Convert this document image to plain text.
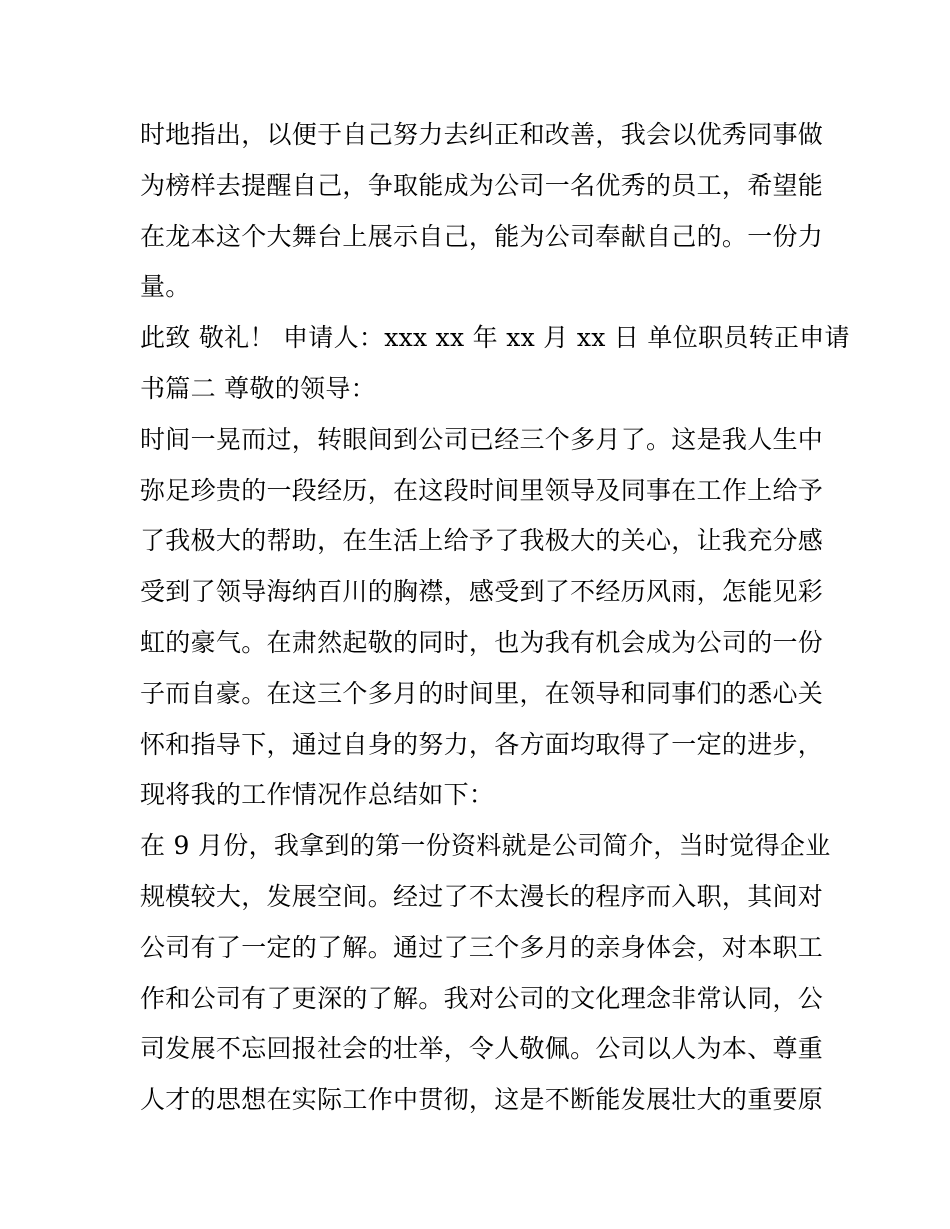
时地指出，以便于自己努力去纠正和改善，我会以优秀同事做
为榜样去提醒自己，争取能成为公司一名优秀的员工，希望能
在龙本这个大舞台上展示自己，能为公司奉献自己的。一份力
量。
此致 敬礼！ 申请人：xxx xx 年 xx 月 xx 日 单位职员转正申请
书篇二 尊敬的领导：
时间一晃而过，转眼间到公司已经三个多月了。这是我人生中
弥足珍贵的一段经历，在这段时间里领导及同事在工作上给予
了我极大的帮助，在生活上给予了我极大的关心，让我充分感
受到了领导海纳百川的胸襟，感受到了不经历风雨，怎能见彩
虹的豪气。在肃然起敬的同时，也为我有机会成为公司的一份
子而自豪。在这三个多月的时间里，在领导和同事们的悉心关
怀和指导下，通过自身的努力，各方面均取得了一定的进步，
现将我的工作情况作总结如下：
在 9 月份，我拿到的第一份资料就是公司简介，当时觉得企业
规模较大，发展空间。经过了不太漫长的程序而入职，其间对
公司有了一定的了解。通过了三个多月的亲身体会，对本职工
作和公司有了更深的了解。我对公司的文化理念非常认同，公
司发展不忘回报社会的壮举，令人敬佩。公司以人为本、尊重
人才的思想在实际工作中贯彻，这是不断能发展壮大的重要原
